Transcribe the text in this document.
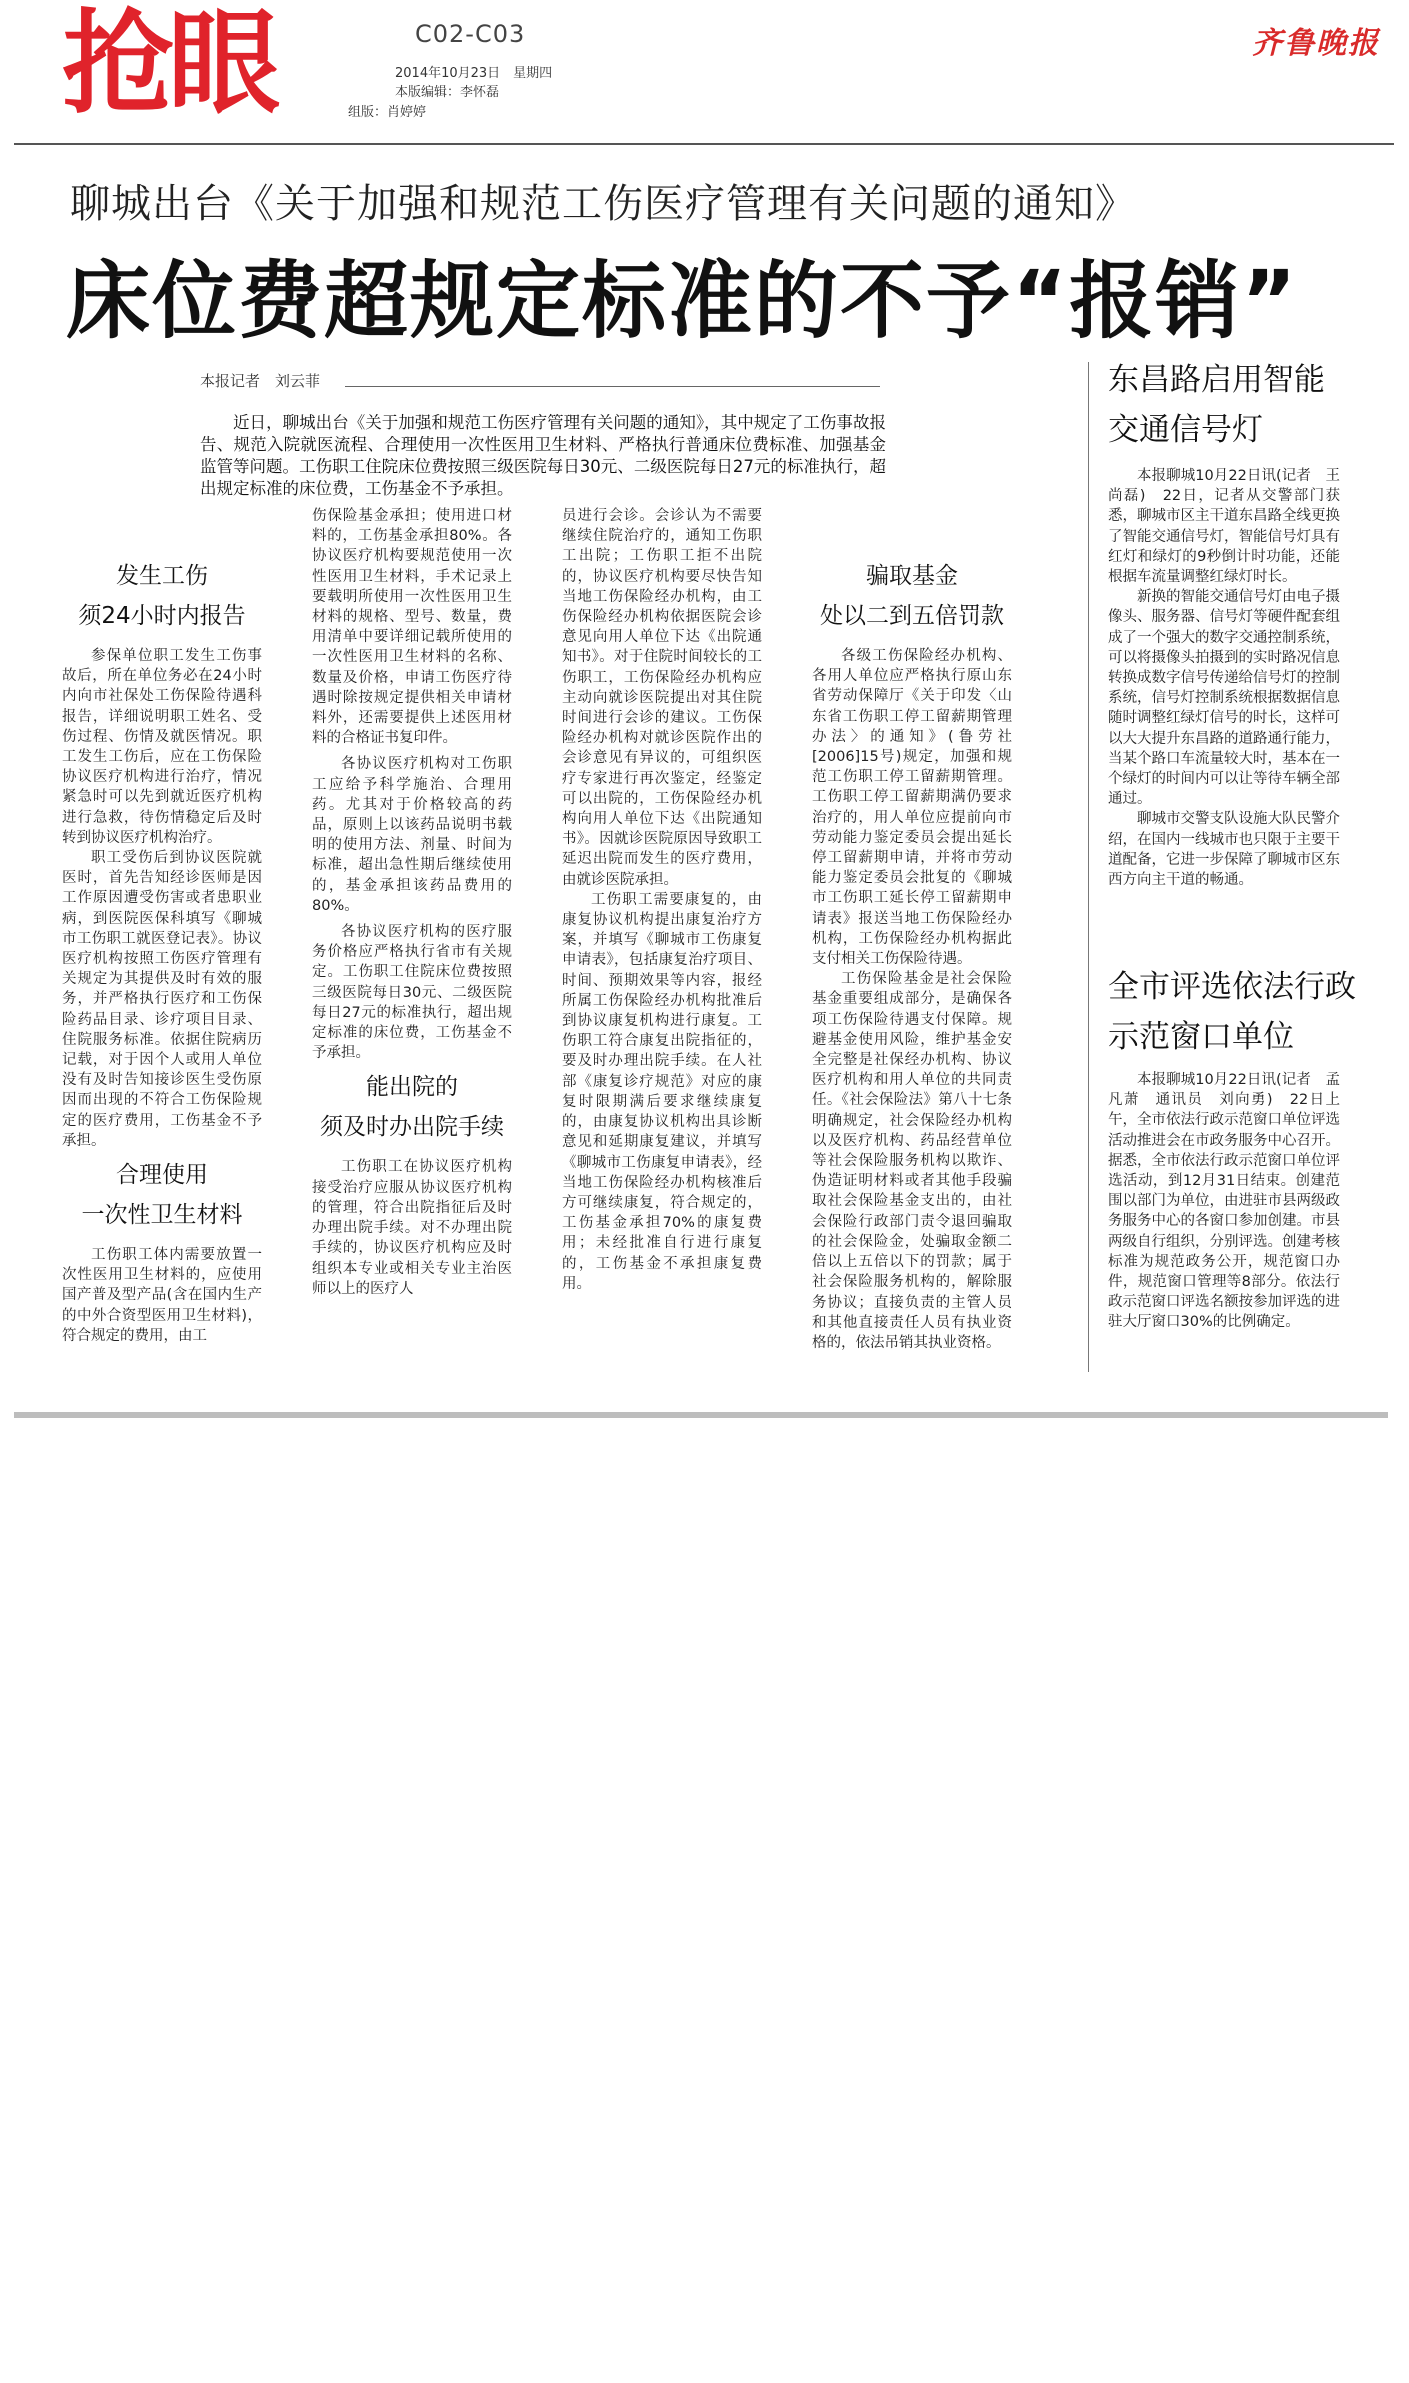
抢眼	C02-C03
2014年10月23日　星期四
本版编辑：李怀磊
组版：肖婷婷
齐鲁晚报
聊城出台《关于加强和规范工伤医疗管理有关问题的通知》
床位费超规定标准的不予“报销”
本报记者　刘云菲
近日，聊城出台《关于加强和规范工伤医疗管理有关问题的通知》，其中规定了工伤事故报告、规范入院就医流程、合理使用一次性医用卫生材料、严格执行普通床位费标准、加强基金监管等问题。工伤职工住院床位费按照三级医院每日30元、二级医院每日27元的标准执行，超出规定标准的床位费，工伤基金不予承担。
发生工伤
须24小时内报告

参保单位职工发生工伤事故后，所在单位务必在24小时内向市社保处工伤保险待遇科报告，详细说明职工姓名、受伤过程、伤情及就医情况。职工发生工伤后，应在工伤保险协议医疗机构进行治疗，情况紧急时可以先到就近医疗机构进行急救，待伤情稳定后及时转到协议医疗机构治疗。

职工受伤后到协议医院就医时，首先告知经诊医师是因工作原因遭受伤害或者患职业病，到医院医保科填写《聊城市工伤职工就医登记表》。协议医疗机构按照工伤医疗管理有关规定为其提供及时有效的服务，并严格执行医疗和工伤保险药品目录、诊疗项目目录、住院服务标准。依据住院病历记载，对于因个人或用人单位没有及时告知接诊医生受伤原因而出现的不符合工伤保险规定的医疗费用，工伤基金不予承担。

合理使用
一次性卫生材料

工伤职工体内需要放置一次性医用卫生材料的，应使用国产普及型产品(含在国内生产的中外合资型医用卫生材料)，符合规定的费用，由工

伤保险基金承担；使用进口材料的，工伤基金承担80%。各协议医疗机构要规范使用一次性医用卫生材料，手术记录上要载明所使用一次性医用卫生材料的规格、型号、数量，费用清单中要详细记载所使用的一次性医用卫生材料的名称、数量及价格，申请工伤医疗待遇时除按规定提供相关申请材料外，还需要提供上述医用材料的合格证书复印件。

各协议医疗机构对工伤职工应给予科学施治、合理用药。尤其对于价格较高的药品，原则上以该药品说明书载明的使用方法、剂量、时间为标准，超出急性期后继续使用的，基金承担该药品费用的80%。

各协议医疗机构的医疗服务价格应严格执行省市有关规定。工伤职工住院床位费按照三级医院每日30元、二级医院每日27元的标准执行，超出规定标准的床位费，工伤基金不予承担。

能出院的
须及时办出院手续

工伤职工在协议医疗机构接受治疗应服从协议医疗机构的管理，符合出院指征后及时办理出院手续。对不办理出院手续的，协议医疗机构应及时组织本专业或相关专业主治医师以上的医疗人

员进行会诊。会诊认为不需要继续住院治疗的，通知工伤职工出院；工伤职工拒不出院的，协议医疗机构要尽快告知当地工伤保险经办机构，由工伤保险经办机构依据医院会诊意见向用人单位下达《出院通知书》。对于住院时间较长的工伤职工，工伤保险经办机构应主动向就诊医院提出对其住院时间进行会诊的建议。工伤保险经办机构对就诊医院作出的会诊意见有异议的，可组织医疗专家进行再次鉴定，经鉴定可以出院的，工伤保险经办机构向用人单位下达《出院通知书》。因就诊医院原因导致职工延迟出院而发生的医疗费用，由就诊医院承担。

工伤职工需要康复的，由康复协议机构提出康复治疗方案，并填写《聊城市工伤康复申请表》，包括康复治疗项目、时间、预期效果等内容，报经所属工伤保险经办机构批准后到协议康复机构进行康复。工伤职工符合康复出院指征的，要及时办理出院手续。在人社部《康复诊疗规范》对应的康复时限期满后要求继续康复的，由康复协议机构出具诊断意见和延期康复建议，并填写《聊城市工伤康复申请表》，经当地工伤保险经办机构核准后方可继续康复，符合规定的，工伤基金承担70%的康复费用；未经批准自行进行康复的，工伤基金不承担康复费用。

骗取基金
处以二到五倍罚款

各级工伤保险经办机构、各用人单位应严格执行原山东省劳动保障厅《关于印发〈山东省工伤职工停工留薪期管理办法〉的通知》(鲁劳社[2006]15号)规定，加强和规范工伤职工停工留薪期管理。工伤职工停工留薪期满仍要求治疗的，用人单位应提前向市劳动能力鉴定委员会提出延长停工留薪期申请，并将市劳动能力鉴定委员会批复的《聊城市工伤职工延长停工留薪期申请表》报送当地工伤保险经办机构，工伤保险经办机构据此支付相关工伤保险待遇。

工伤保险基金是社会保险基金重要组成部分，是确保各项工伤保险待遇支付保障。规避基金使用风险，维护基金安全完整是社保经办机构、协议医疗机构和用人单位的共同责任。《社会保险法》第八十七条明确规定，社会保险经办机构以及医疗机构、药品经营单位等社会保险服务机构以欺诈、伪造证明材料或者其他手段骗取社会保险基金支出的，由社会保险行政部门责令退回骗取的社会保险金，处骗取金额二倍以上五倍以下的罚款；属于社会保险服务机构的，解除服务协议；直接负责的主管人员和其他直接责任人员有执业资格的，依法吊销其执业资格。

东昌路启用智能
交通信号灯

本报聊城10月22日讯(记者　王尚磊)　22日，记者从交警部门获悉，聊城市区主干道东昌路全线更换了智能交通信号灯，智能信号灯具有红灯和绿灯的9秒倒计时功能，还能根据车流量调整红绿灯时长。

新换的智能交通信号灯由电子摄像头、服务器、信号灯等硬件配套组成了一个强大的数字交通控制系统，可以将摄像头拍摄到的实时路况信息转换成数字信号传递给信号灯的控制系统，信号灯控制系统根据数据信息随时调整红绿灯信号的时长，这样可以大大提升东昌路的道路通行能力，当某个路口车流量较大时，基本在一个绿灯的时间内可以让等待车辆全部通过。

聊城市交警支队设施大队民警介绍，在国内一线城市也只限于主要干道配备，它进一步保障了聊城市区东西方向主干道的畅通。

全市评选依法行政
示范窗口单位

本报聊城10月22日讯(记者　孟凡萧　通讯员　刘向勇)　22日上午，全市依法行政示范窗口单位评选活动推进会在市政务服务中心召开。据悉，全市依法行政示范窗口单位评选活动，到12月31日结束。创建范围以部门为单位，由进驻市县两级政务服务中心的各窗口参加创建。市县两级自行组织，分别评选。创建考核标准为规范政务公开，规范窗口办件，规范窗口管理等8部分。依法行政示范窗口评选名额按参加评选的进驻大厅窗口30%的比例确定。
